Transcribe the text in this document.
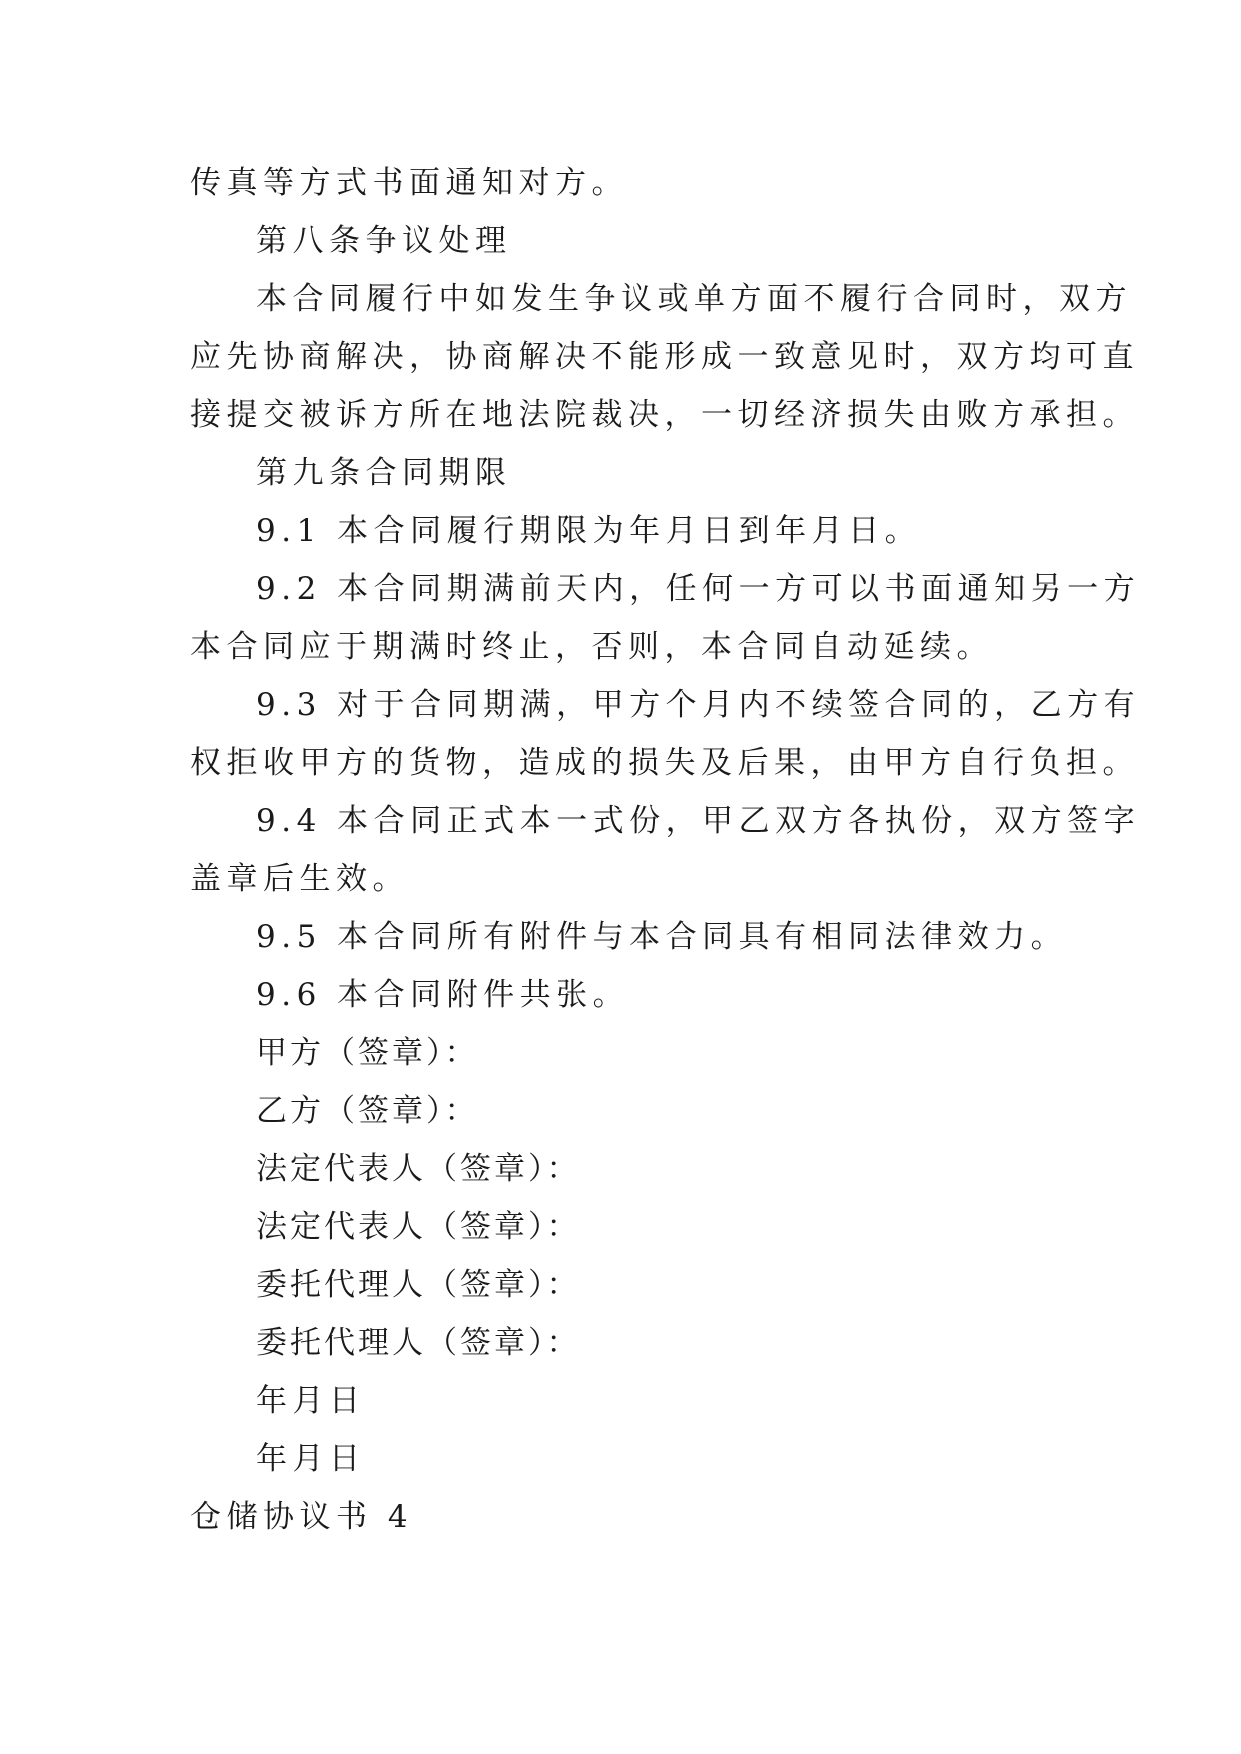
传真等方式书面通知对方。

第八条争议处理

本合同履行中如发生争议或单方面不履行合同时，双方

应先协商解决，协商解决不能形成一致意见时，双方均可直

接提交被诉方所在地法院裁决，一切经济损失由败方承担。

第九条合同期限

9.1 本合同履行期限为年月日到年月日。

9.2 本合同期满前天内，任何一方可以书面通知另一方

本合同应于期满时终止，否则，本合同自动延续。

9.3 对于合同期满，甲方个月内不续签合同的，乙方有

权拒收甲方的货物，造成的损失及后果，由甲方自行负担。

9.4 本合同正式本一式份，甲乙双方各执份，双方签字

盖章后生效。

9.5 本合同所有附件与本合同具有相同法律效力。

9.6 本合同附件共张。

甲方（签章）：

乙方（签章）：

法定代表人（签章）：

法定代表人（签章）：

委托代理人（签章）：

委托代理人（签章）：

年月日

年月日

仓储协议书 4
